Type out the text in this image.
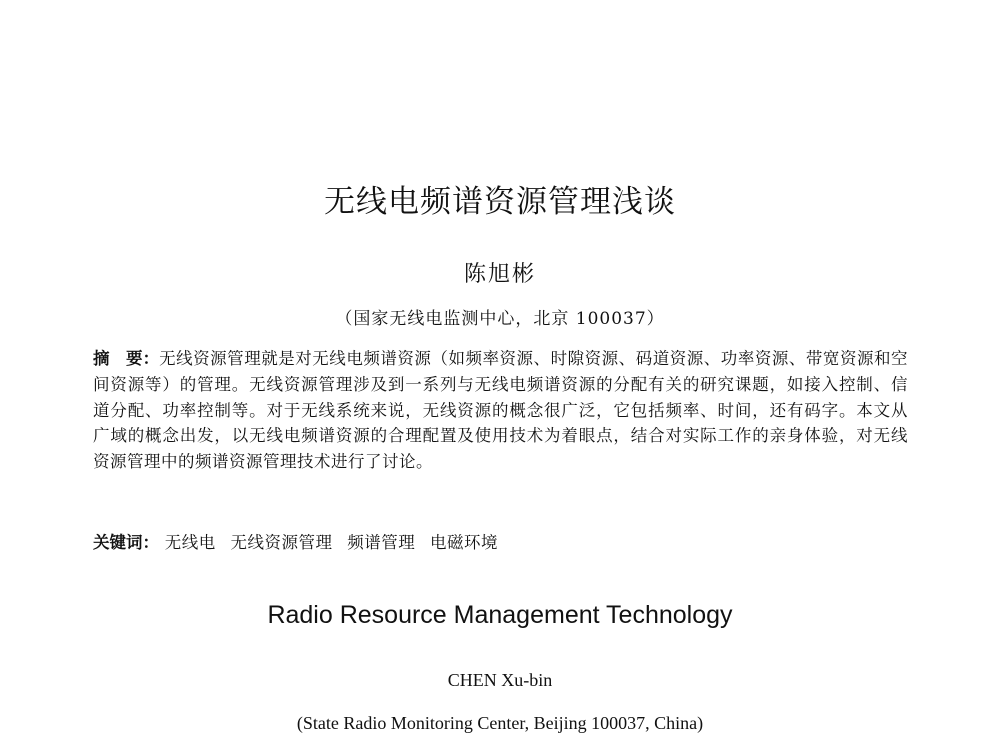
无线电频谱资源管理浅谈
陈旭彬
（国家无线电监测中心，北京 100037）
摘　要：无线资源管理就是对无线电频谱资源（如频率资源、时隙资源、码道资源、功率资源、带宽资源和空间资源等）的管理。无线资源管理涉及到一系列与无线电频谱资源的分配有关的研究课题，如接入控制、信道分配、功率控制等。对于无线系统来说，无线资源的概念很广泛，它包括频率、时间，还有码字。本文从广域的概念出发，以无线电频谱资源的合理配置及使用技术为着眼点，结合对实际工作的亲身体验，对无线资源管理中的频谱资源管理技术进行了讨论。
关键词： 无线电 无线资源管理 频谱管理 电磁环境
Radio Resource Management Technology
CHEN Xu-bin
(State Radio Monitoring Center, Beijing 100037, China)
